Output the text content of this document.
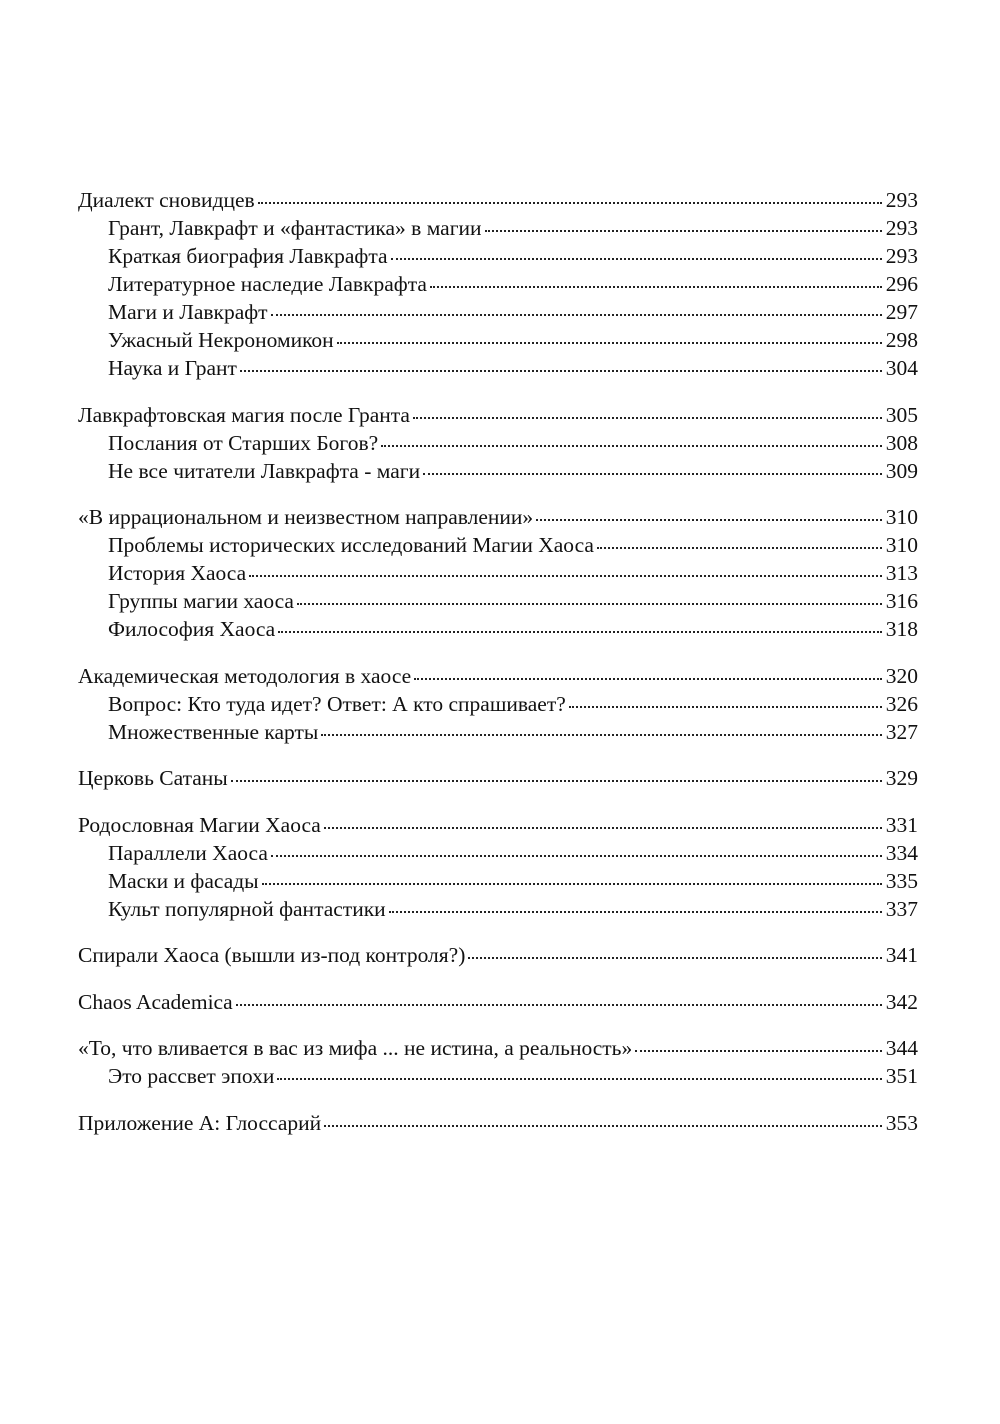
Диалект сновидцев	293
Грант, Лавкрафт и «фантастика» в магии	293
Краткая биография Лавкрафта	293
Литературное наследие Лавкрафта	296
Маги и Лавкрафт	297
Ужасный Некрономикон	298
Наука и Грант	304
Лавкрафтовская магия после Гранта	305
Послания от Старших Богов?	308
Не все читатели Лавкрафта - маги	309
«В иррациональном и неизвестном направлении»	310
Проблемы исторических исследований Магии Хаоса	310
История Хаоса	313
Группы магии хаоса	316
Философия Хаоса	318
Академическая методология в хаосе	320
Вопрос: Кто туда идет? Ответ: А кто спрашивает?	326
Множественные карты	327
Церковь Сатаны	329
Родословная Магии Хаоса	331
Параллели Хаоса	334
Маски и фасады	335
Культ популярной фантастики	337
Спирали Хаоса (вышли из-под контроля?)	341
Chaos Academica	342
«То, что вливается в вас из мифа ... не истина, а реальность»	344
Это рассвет эпохи	351
Приложение А: Глоссарий	353
